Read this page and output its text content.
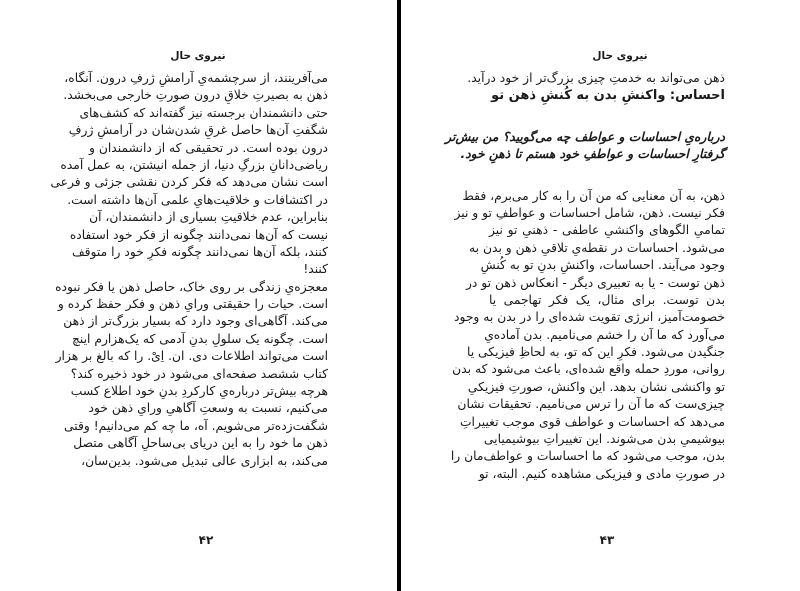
نیروی حال
می‌آفرینند، از سرچشمه‌یِ آرامشِ ژرفِ درون. آنگاه،
ذهن به بصیرتِ خلاقِ درون صورتِ خارجی می‌بخشد.
حتی دانشمندان برجسته نیز گفته‌اند که کشف‌های
شگفتِ آن‌ها حاصل غرقِ شدن‌شان در آرامشِ ژرفِ
درون بوده است. در تحقیقی که از دانشمندان و
ریاضی‌دانانِ بزرگِ دنیا، از جمله انیشتن، به عمل آمده
است نشان می‌دهد که فکر کردن نقشی جزئی و فرعی
در اکتشافات و خلاقیت‌هایِ علمی آن‌ها داشته است.
بنابراین، عدم خلاقیتِ بسیاری از دانشمندان، آن
نیست که آن‌ها نمی‌دانند چگونه از فکر خود استفاده
کنند، بلکه آن‌ها نمی‌دانند چگونه فکرِ خود را متوقف
کنند!
معجزه‌یِ زندگی بر روی خاک، حاصل ذهن یا فکر نبوده
است. حیات را حقیقتی ورایِ ذهن و فکر حفظ کرده و
می‌کند. آگاهی‌ای وجود دارد که بسیار بزرگ‌تر از ذهن
است. چگونه یک سلولِ بدنِ آدمی که یک‌هزارم اینچ
است می‌تواند اطلاعات دی. ان. اِیْ. را که بالغ بر هزار
کتاب ششصد صفحه‌ای می‌شود در خود ذخیره کند؟
هرچه بیش‌تر درباره‌یِ کارکردِ بدنِ خود اطلاع کسب
می‌کنیم، نسبت به وسعتِ آگاهیِ ورایِ ذهن خود
شگفت‌زده‌تر می‌شویم. آه، ما چه کم می‌دانیم! وقتی
ذهن ما خود را به این دریای بی‌ساحلِ آگاهی متصل
می‌کند، به ابزاری عالی تبدیل می‌شود. بدین‌سان،
۴۲
نیروی حال
ذهن می‌تواند به خدمتِ چیزی بزرگ‌تر از خود درآید.
احساس: واکنشِ بدن به کُنشِ ذهن تو
درباره‌یِ احساسات و عواطف چه می‌گویید؟ من بیش‌تر
گرفتارِ احساسات و عواطفِ خود هستم تا ذهنِ خود.
ذهن، به آن معنایی که من آن را به کار می‌برم، فقط
فکر نیست. ذهن، شامل احساسات و عواطفِ تو و نیز
تمامیِ الگوهای واکنشیِ عاطفی - ذهنیِ تو نیز
می‌شود. احساسات در نقطه‌یِ تلاقیِ ذهن و بدن به
وجود می‌آیند. احساسات، واکنشِ بدنِ تو به کُنشِ
ذهن توست - یا به تعبیری دیگر - انعکاس ذهن تو در
بدن توست. برای مثال، یک فکر تهاجمی یا
خصومت‌آمیز، انرژی تقویت شده‌ای را در بدن به وجود
می‌آورد که ما آن را خشم می‌نامیم. بدن آماده‌یِ
جنگیدن می‌شود. فکرِ این که تو، به لحاظِ فیزیکی یا
روانی، موردِ حمله واقع شده‌ای، باعث می‌شود که بدن
تو واکنشی نشان بدهد. این واکنش، صورتِ فیزیکیِ
چیزی‌ست که ما آن را ترس می‌نامیم. تحقیقات نشان
می‌دهد که احساسات و عواطف قوی موجب تغییراتِ
بیوشیمیِ بدن می‌شوند. این تغییراتِ بیوشیمیایی
بدن، موجب می‌شود که ما احساسات و عواطف‌مان را
در صورتِ مادی و فیزیکی مشاهده کنیم. البته، تو
۴۳
